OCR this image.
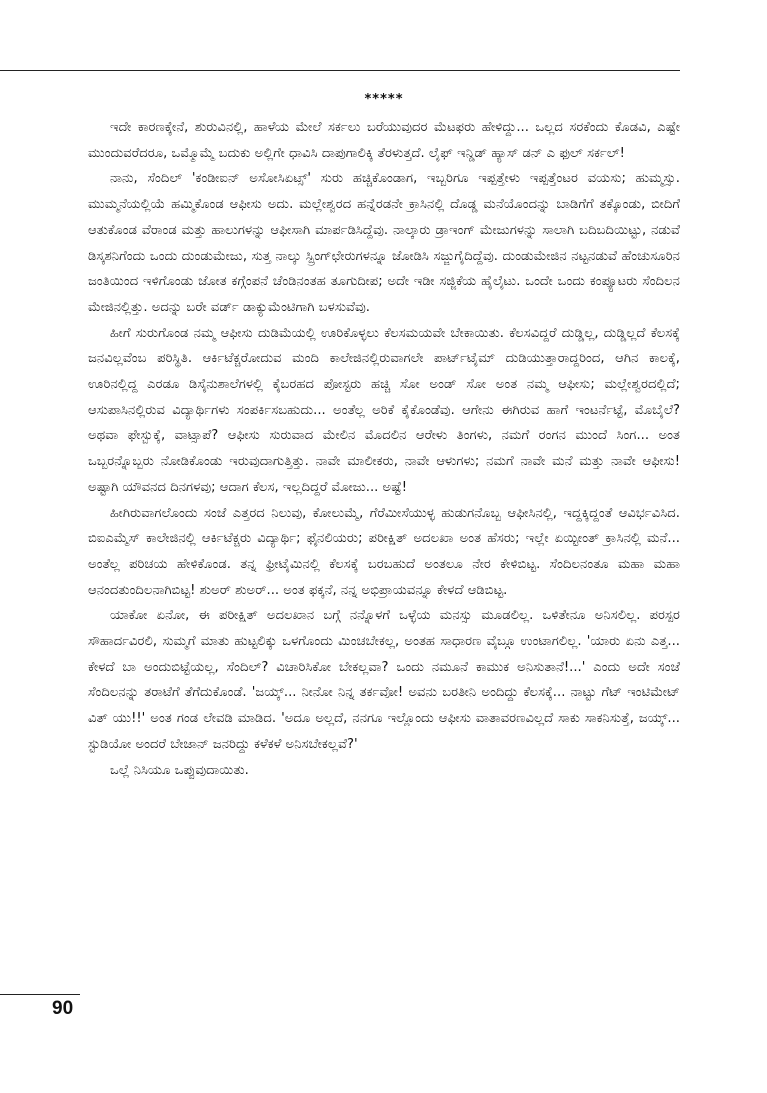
*****

ಇದೇ ಕಾರಣಕ್ಕೇನೆ, ಶುರುವಿನಲ್ಲಿ, ಹಾಳೆಯ ಮೇಲೆ ಸರ್ಕಲು ಬರೆಯುವುದರ ಮೆಟಫರು ಹೇಳಿದ್ದು... ಒಲ್ಲದ ಸರಕೆಂದು ಕೊಡವಿ, ಎಷ್ಟೇ ಮುಂದುವರೆದರೂ, ಒಮ್ಮೊಮ್ಮೆ ಬದುಕು ಅಲ್ಲಿಗೇ ಧಾವಿಸಿ ದಾಪುಗಾಲಿಕ್ಕಿ ತೆರಳುತ್ತದೆ. ಲೈಫ್ ಇನ್ಡಿಡ್ ಹ್ಯಾಸ್ ಡನ್ ಎ ಫುಲ್ ಸರ್ಕಲ್!

ನಾನು, ಸೆಂದಿಲ್ 'ಕಂಡೀಐನ್ ಅಸೋಸಿಏಟ್ಸ್' ಸುರು ಹಚ್ಚಿಕೊಂಡಾಗ, ಇಬ್ಬರಿಗೂ ಇಪ್ಪತ್ತೇಳು ಇಪ್ಪತ್ತೆಂಟರ ವಯಸು; ಹುಮ್ಮಸ್ಸು. ಮುಮ್ಮನೆಯಲ್ಲಿಯೆ ಹಮ್ಮಿಕೊಂಡ ಆಫೀಸು ಅದು. ಮಲ್ಲೇಶ್ವರದ ಹನ್ನೆರಡನೇ ಕ್ರಾಸಿನಲ್ಲಿ ದೊಡ್ಡ ಮನೆಯೊಂದನ್ನು ಬಾಡಿಗೆಗೆ ತಕ್ಕೊಂಡು, ಬೀದಿಗೆ ಆತುಕೊಂಡ ವೆರಾಂಡ ಮತ್ತು ಹಾಲುಗಳನ್ನು ಆಫೀಸಾಗಿ ಮಾರ್ಪಡಿಸಿದ್ದೆವು. ನಾಲ್ಕಾರು ಡ್ರಾಇಂಗ್ ಮೇಜುಗಳನ್ನು ಸಾಲಾಗಿ ಬದಿಬದಿಯಿಟ್ಟು, ನಡುವೆ ಡಿಸ್ಕಶನಿಗೆಂದು ಒಂದು ದುಂಡುಮೇಜು, ಸುತ್ತ ನಾಲ್ಕು ಸ್ಪ್ರಿಂಗ್‌ಛೇರುಗಳನ್ನೂ ಜೋಡಿಸಿ ಸಜ್ಜುಗೈದಿದ್ದೆವು. ದುಂಡುಮೇಜಿನ ನಟ್ಟನಡುವೆ ಹೆಂಚುಸೂರಿನ ಜಂತಿಯಿಂದ ಇಳಿಗೊಂಡು ಜೋತ ಕಗ್ಗೆಂಪನೆ ಚೆಂಡಿನಂತಹ ತೂಗುದೀಪ; ಅದೇ ಇಡೀ ಸಜ್ಜಿಕೆಯ ಹೈಲೈಟು. ಒಂದೇ ಒಂದು ಕಂಪ್ಯೂಟರು ಸೆಂದಿಲನ ಮೇಜಿನಲ್ಲಿತ್ತು. ಅದನ್ನು ಬರೇ ವರ್ಡ್ ಡಾಕ್ಯುಮೆಂಟಿಗಾಗಿ ಬಳಸುವೆವು.

ಹೀಗೆ ಸುರುಗೊಂಡ ನಮ್ಮ ಆಫೀಸು ದುಡಿಮೆಯಲ್ಲಿ ಊರಿಕೊಳ್ಳಲು ಕೆಲಸಮಯವೇ ಬೇಕಾಯಿತು. ಕೆಲಸವಿದ್ದರೆ ದುಡ್ಡಿಲ್ಲ, ದುಡ್ಡಿಲ್ಲದೆ ಕೆಲಸಕ್ಕೆ ಜನವಿಲ್ಲವೆಂಬ ಪರಿಸ್ಥಿತಿ. ಆರ್ಕಿಟೆಕ್ಚರೋದುವ ಮಂದಿ ಕಾಲೇಜಿನಲ್ಲಿರುವಾಗಲೇ ಪಾರ್ಟ್‌ಟೈಮ್ ದುಡಿಯುತ್ತಾರಾದ್ದರಿಂದ, ಆಗಿನ ಕಾಲಕ್ಕೆ, ಊರಿನಲ್ಲಿದ್ದ ಎರಡೂ ಡಿಸೈನುಶಾಲೆಗಳಲ್ಲಿ ಕೈಬರಹದ ಪೋಸ್ಟರು ಹಚ್ಚಿ ಸೋ ಅಂಡ್ ಸೋ ಅಂತ ನಮ್ಮ ಆಫೀಸು; ಮಲ್ಲೇಶ್ವರದಲ್ಲಿದೆ; ಆಸುಪಾಸಿನಲ್ಲಿರುವ ವಿದ್ಯಾರ್ಥಿಗಳು ಸಂಪರ್ಕಿಸಬಹುದು... ಅಂತೆಲ್ಲ ಅರಿಕೆ ಕೈಕೊಂಡೆವು. ಆಗೇನು ಈಗಿರುವ ಹಾಗೆ ಇಂಟರ್ನೆಟ್ಟೆ, ಮೊಬೈಲೆ? ಅಥವಾ ಫೇಸ್ಬುಕ್ಕೆ, ವಾಟ್ಸಾಪೆ? ಆಫೀಸು ಸುರುವಾದ ಮೇಲಿನ ಮೊದಲಿನ ಆರೇಳು ತಿಂಗಳು, ನಮಗೆ ರಂಗನ ಮುಂದೆ ಸಿಂಗ... ಅಂತ ಒಬ್ಬರನ್ನೊಬ್ಬರು ನೋಡಿಕೊಂಡು ಇರುವುದಾಗುತ್ತಿತ್ತು. ನಾವೇ ಮಾಲೀಕರು, ನಾವೇ ಆಳುಗಳು; ನಮಗೆ ನಾವೇ ಮನೆ ಮತ್ತು ನಾವೇ ಆಫೀಸು! ಅಷ್ಟಾಗಿ ಯೌವನದ ದಿನಗಳವು; ಆದಾಗ ಕೆಲಸ, ಇಲ್ಲದಿದ್ದರೆ ಮೋಜು... ಅಷ್ಟೆ!

ಹೀಗಿರುವಾಗಲೊಂದು ಸಂಜೆ ಎತ್ತರದ ನಿಲುವು, ಕೋಲುಮ್ಮೆ, ಗೆರೆಮೀಸೆಯುಳ್ಳ ಹುಡುಗನೊಬ್ಬ ಆಫೀಸಿನಲ್ಲಿ, ಇದ್ದಕ್ಕಿದ್ದಂತೆ ಆವಿರ್ಭವಿಸಿದ. ಬಿಐಎಮ್ಮೆಸ್ ಕಾಲೇಜಿನಲ್ಲಿ ಆರ್ಕಿಟೆಕ್ಚರು ವಿದ್ಯಾರ್ಥಿ; ಫೈನಲಿಯರು; ಪರೀಕ್ಷಿತ್ ಅದಲಖಾ ಅಂತ ಹೆಸರು; ಇಲ್ಲೇ ಏಯ್ಟೀಂತ್ ಕ್ರಾಸಿನಲ್ಲಿ ಮನೆ... ಅಂತೆಲ್ಲ ಪರಿಚಯ ಹೇಳಿಕೊಂಡ. ತನ್ನ ಫ್ರೀಟೈಮಿನಲ್ಲಿ ಕೆಲಸಕ್ಕೆ ಬರಬಹುದೆ ಅಂತಲೂ ನೇರ ಕೇಳಿಬಿಟ್ಟ. ಸೆಂದಿಲನಂತೂ ಮಹಾ ಮಹಾ ಆನಂದತುಂದಿಲನಾಗಿಬಿಟ್ಟ! ಶುಅರ್ ಶುಅರ್... ಅಂತ ಫಕ್ಕನೆ, ನನ್ನ ಅಭಿಪ್ರಾಯವನ್ನೂ ಕೇಳದೆ ಆಡಿಬಿಟ್ಟ.

ಯಾಕೋ ಏನೋ, ಈ ಪರೀಕ್ಷಿತ್ ಅದಲಖಾನ ಬಗ್ಗೆ ನನ್ನೊಳಗೆ ಒಳ್ಳೆಯ ಮನಸ್ಸು ಮೂಡಲಿಲ್ಲ. ಒಳಿತೇನೂ ಅನಿಸಲಿಲ್ಲ. ಪರಸ್ಪರ ಸೌಹಾರ್ದವಿರಲಿ, ಸುಮ್ಮಗೆ ಮಾತು ಹುಟ್ಟಲಿಕ್ಕು ಒಳಗೊಂದು ಮಿಂಚಬೇಕಲ್ಲ, ಅಂತಹ ಸಾಧಾರಣ ವೈಬ್ಗೂ ಉಂಟಾಗಲಿಲ್ಲ. 'ಯಾರು ಏನು ಎತ್ತ... ಕೇಳದೆ ಬಾ ಅಂದುಬಿಟ್ಟೆಯಲ್ಲ, ಸೆಂದಿಲ್? ವಿಚಾರಿಸಿಕೋ ಬೇಕಲ್ಲವಾ? ಒಂದು ನಮೂನೆ ಕಾಮುಕ ಅನಿಸುತಾನೆ!...' ಎಂದು ಅದೇ ಸಂಜೆ ಸೆಂದಿಲನನ್ನು ತರಾಟೆಗೆ ತೆಗೆದುಕೊಂಡೆ. 'ಜಯ್ಕ್... ನೀನೋ ನಿನ್ನ ತರ್ಕವೋ! ಅವನು ಬರತೀನಿ ಅಂದಿದ್ದು ಕೆಲಸಕ್ಕೆ... ನಾಟ್ಟು ಗೆಟ್ ಇಂಟಿಮೇಟ್ ವಿತ್ ಯು!!' ಅಂತ ಗಂಡ ಲೇವಡಿ ಮಾಡಿದ. 'ಅದೂ ಅಲ್ಲದೆ, ನನಗೂ ಇಲ್ಲೊಂದು ಆಫೀಸು ವಾತಾವರಣವಿಲ್ಲದೆ ಸಾಕು ಸಾಕನಿಸುತ್ತೆ, ಜಯ್ಕ್... ಸ್ಟುಡಿಯೋ ಅಂದರೆ ಬೇಜಾನ್ ಜನರಿದ್ದು ಕಳೆಕಳೆ ಅನಿಸಬೇಕಲ್ಲವೆ?'

ಒಲ್ಲೆ ನಿಸಿಯೂ ಒಪ್ಪುವುದಾಯಿತು.

90
